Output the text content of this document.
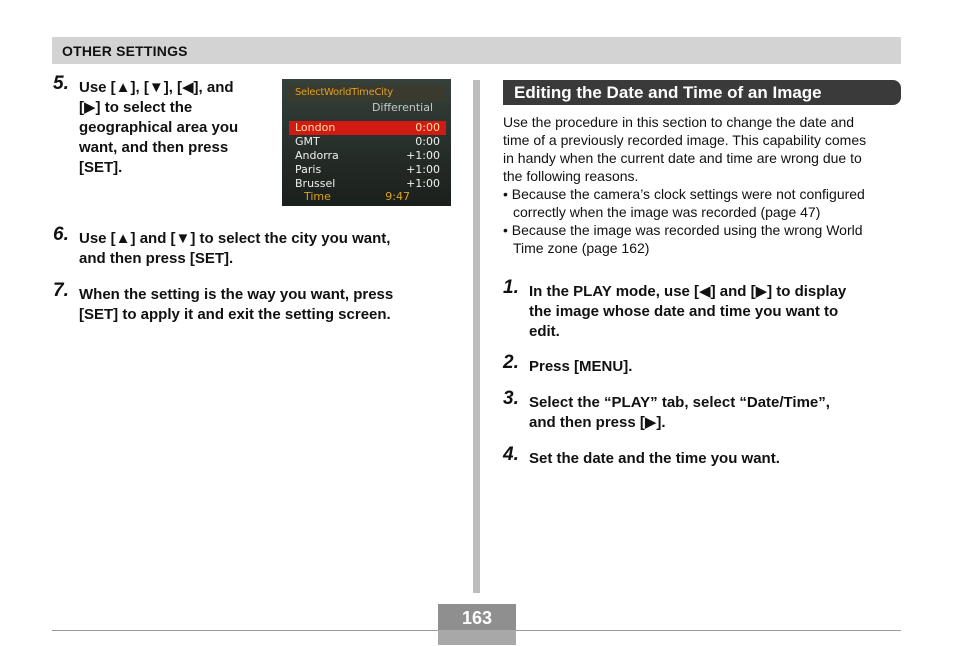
OTHER SETTINGS
5. Use [▲], [▼], [◀], and
[▶] to select the
geographical area you
want, and then press
[SET].
SelectWorldTimeCity
Differential
London	0:00
GMT	0:00
Andorra	+1:00
Paris	+1:00
Brussel	+1:00
Time	9:47
6. Use [▲] and [▼] to select the city you want,
and then press [SET].
7. When the setting is the way you want, press
[SET] to apply it and exit the setting screen.
Editing the Date and Time of an Image

Use the procedure in this section to change the date and

time of a previously recorded image. This capability comes

in handy when the current date and time are wrong due to

the following reasons.

• Because the camera’s clock settings were not configured
correctly when the image was recorded (page 47)
• Because the image was recorded using the wrong World
Time zone (page 162)
1. In the PLAY mode, use [◀] and [▶] to display
the image whose date and time you want to
edit.
2. Press [MENU].
3. Select the “PLAY” tab, select “Date/Time”,
and then press [▶].
4. Set the date and the time you want.
163
